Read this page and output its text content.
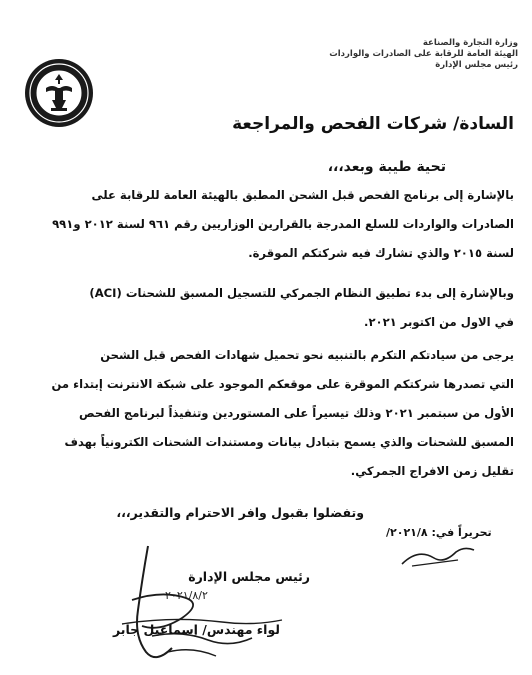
وزارة التجارة والصناعة
الهيئة العامة للرقابة على الصادرات والواردات
رئيس مجلس الإدارة
السادة/ شركات الفحص والمراجعة
تحية طيبة وبعد،،،
بالإشارة إلى برنامج الفحص قبل الشحن المطبق بالهيئة العامة للرقابة على
الصادرات والواردات للسلع المدرجة بالقرارين الوزاريين رقم ٩٦١ لسنة ٢٠١٢ و٩٩١
لسنة ٢٠١٥ والذي تشارك فيه شركتكم الموقرة.
وبالإشارة إلى بدء تطبيق النظام الجمركي للتسجيل المسبق للشحنات (ACI)
في الاول من اكتوبر ٢٠٢١.
يرجى من سيادتكم التكرم بالتنبيه نحو تحميل شهادات الفحص قبل الشحن
التي تصدرها شركتكم الموقرة على موقعكم الموجود على شبكة الانترنت إبتداء من
الأول من سبتمبر ٢٠٢١ وذلك تيسيراً على المستوردين وتنفيذاً لبرنامج الفحص
المسبق للشحنات والذي يسمح بتبادل بيانات ومستندات الشحنات الكترونياً بهدف
تقليل زمن الافراج الجمركي.
وتفضلوا بقبول وافر الاحترام والتقدير،،،
تحريراً في: ٢٠٢١/٨/
رئيس مجلس الإدارة
٢٠٢١/٨/٢
لواء مهندس/ إسماعيل جابر
